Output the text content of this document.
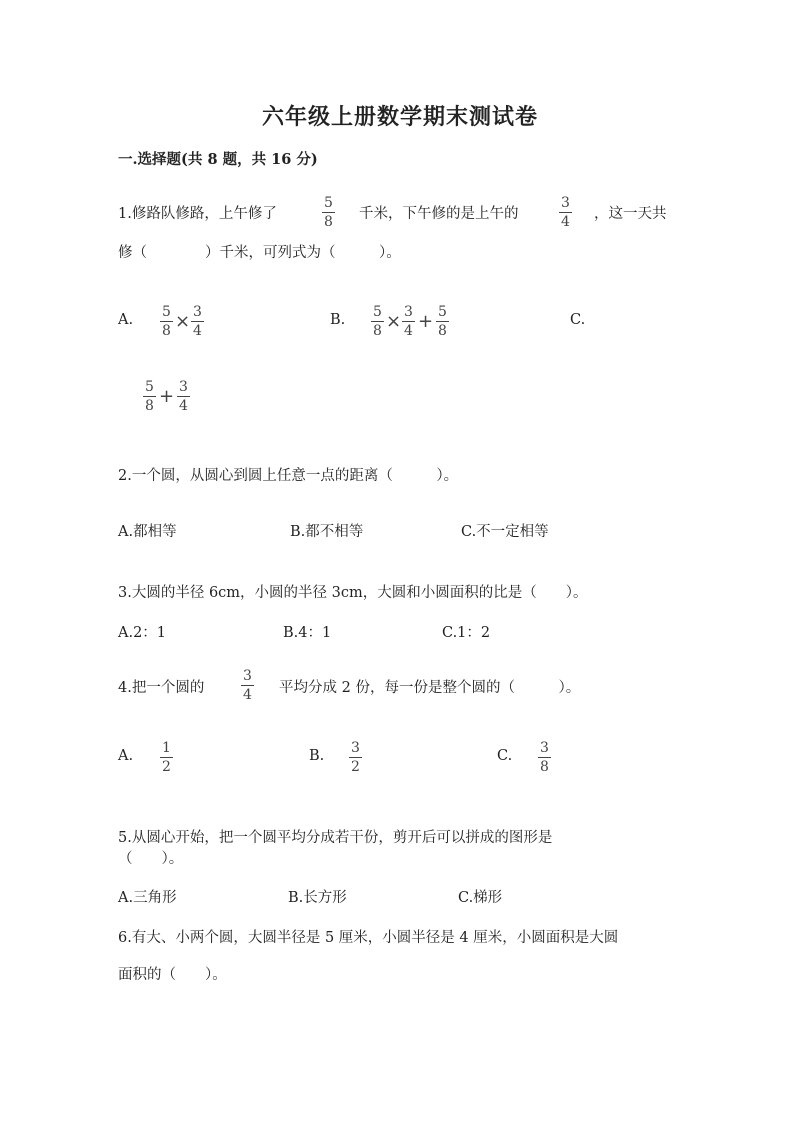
六年级上册数学期末测试卷
一.选择题(共 8 题，共 16 分)
1.修路队修路，上午修了
5
8 千米，下午修的是上午的
3
4 ，这一天共
修（　　　　）千米，可列式为（　　　）。
A. 5
8 × 3
4
B. 5
8 × 3
4 + 5
8
C.
5
8 + 3
4
2.一个圆，从圆心到圆上任意一点的距离（　　　）。
A.都相等	B.都不相等	C.不一定相等
3.大圆的半径 6cm，小圆的半径 3cm，大圆和小圆面积的比是（　　）。
A.2：1	B.4：1	C.1：2
4.把一个圆的
3
4 平均分成 2 份，每一份是整个圆的（　　　）。
A. 1
2
B. 3
2
C. 3
8
5.从圆心开始，把一个圆平均分成若干份，剪开后可以拼成的图形是
（　　）。
A.三角形	B.长方形	C.梯形
6.有大、小两个圆，大圆半径是 5 厘米，小圆半径是 4 厘米，小圆面积是大圆
面积的（　　）。
